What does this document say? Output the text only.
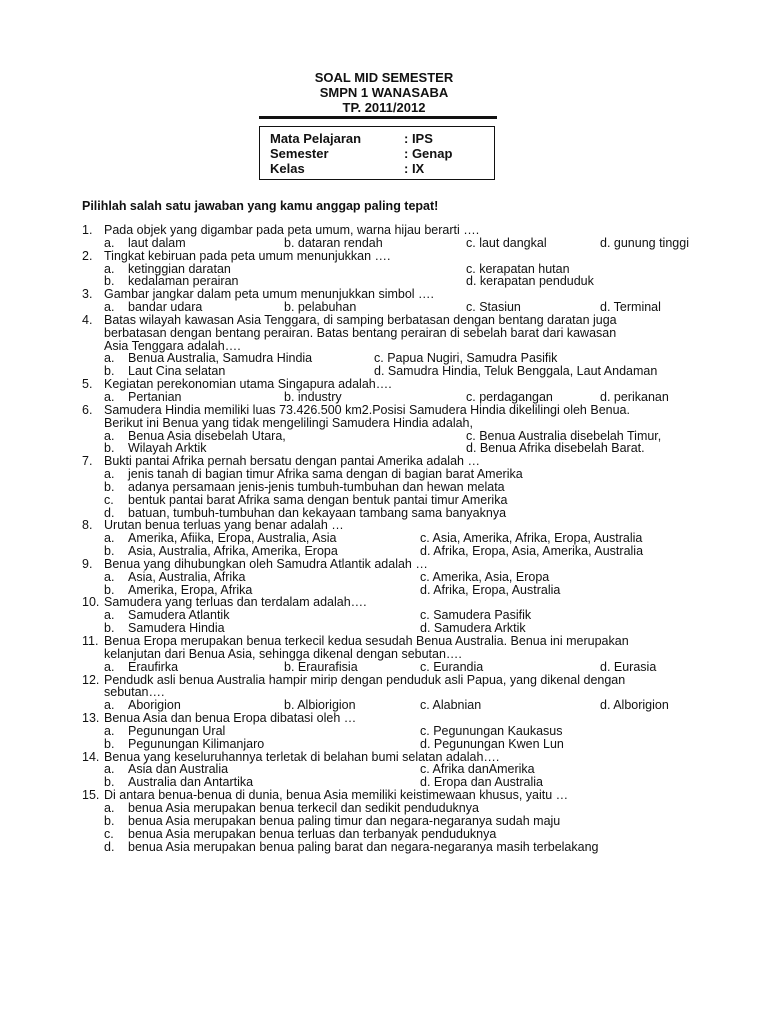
SOAL MID SEMESTER
SMPN 1 WANASABA
TP. 2011/2012
Mata Pelajaran	: IPS
Semester	: Genap
Kelas	: IX
Pilihlah salah satu jawaban yang kamu anggap paling tepat!
1. Pada objek yang digambar pada peta umum, warna hijau berarti ….
a. laut dalam	b. dataran rendah	c. laut dangkal	d. gunung tinggi
2. Tingkat kebiruan pada peta umum menunjukkan ….
a. ketinggian daratan	c. kerapatan hutan
b. kedalaman perairan	d. kerapatan penduduk
3. Gambar jangkar dalam peta umum menunjukkan simbol ….
a. bandar udara	b. pelabuhan	c. Stasiun	d. Terminal
4. Batas wilayah kawasan Asia Tenggara, di samping berbatasan dengan bentang daratan juga
berbatasan dengan bentang perairan. Batas bentang perairan di sebelah barat dari kawasan
Asia Tenggara adalah….
a. Benua Australia, Samudra Hindia	c. Papua Nugiri, Samudra Pasifik
b. Laut Cina selatan	d. Samudra Hindia, Teluk Benggala, Laut Andaman
5. Kegiatan perekonomian utama Singapura adalah….
a. Pertanian	b. industry	c. perdagangan	d. perikanan
6. Samudera Hindia memiliki luas 73.426.500 km2.Posisi Samudera Hindia dikelilingi oleh Benua.
Berikut ini Benua yang tidak mengelilingi Samudera Hindia adalah,
a. Benua Asia disebelah Utara,	c. Benua Australia disebelah Timur,
b. Wilayah Arktik	d. Benua Afrika disebelah Barat.
7. Bukti pantai Afrika pernah bersatu dengan pantai Amerika adalah …
a. jenis tanah di bagian timur Afrika sama dengan di bagian barat Amerika
b. adanya persamaan jenis-jenis tumbuh-tumbuhan dan hewan melata
c. bentuk pantai barat Afrika sama dengan bentuk pantai timur Amerika
d. batuan, tumbuh-tumbuhan dan kekayaan tambang sama banyaknya
8. Urutan benua terluas yang benar adalah …
a. Amerika, Afiika, Eropa, Australia, Asia	c. Asia, Amerika, Afrika, Eropa, Australia
b. Asia, Australia, Afrika, Amerika, Eropa	d. Afrika, Eropa, Asia, Amerika, Australia
9. Benua yang dihubungkan oleh Samudra Atlantik adalah …
a. Asia, Australia, Afrika	c. Amerika, Asia, Eropa
b. Amerika, Eropa, Afrika	d. Afrika, Eropa, Australia
10. Samudera yang terluas dan terdalam adalah….
a. Samudera Atlantik	c. Samudera Pasifik
b. Samudera Hindia	d. Samudera Arktik
11. Benua Eropa merupakan benua terkecil kedua sesudah Benua Australia. Benua ini merupakan
kelanjutan dari Benua Asia, sehingga dikenal dengan sebutan….
a. Eraufirka	b. Eraurafisia	c. Eurandia	d. Eurasia
12. Pendudk asli benua Australia hampir mirip dengan penduduk asli Papua, yang dikenal dengan
sebutan….
a. Aborigion	b. Albiorigion	c. Alabnian	d. Alborigion
13. Benua Asia dan benua Eropa dibatasi oleh …
a. Pegunungan Ural	c. Pegunungan Kaukasus
b. Pegunungan Kilimanjaro	d. Pegunungan Kwen Lun
14. Benua yang keseluruhannya terletak di belahan bumi selatan adalah….
a. Asia dan Australia	c. Afrika danAmerika
b. Australia dan Antartika	d. Eropa dan Australia
15. Di antara benua-benua di dunia, benua Asia memiliki keistimewaan khusus, yaitu …
a. benua Asia merupakan benua terkecil dan sedikit penduduknya
b. benua Asia merupakan benua paling timur dan negara-negaranya sudah maju
c. benua Asia merupakan benua terluas dan terbanyak penduduknya
d. benua Asia merupakan benua paling barat dan negara-negaranya masih terbelakang
